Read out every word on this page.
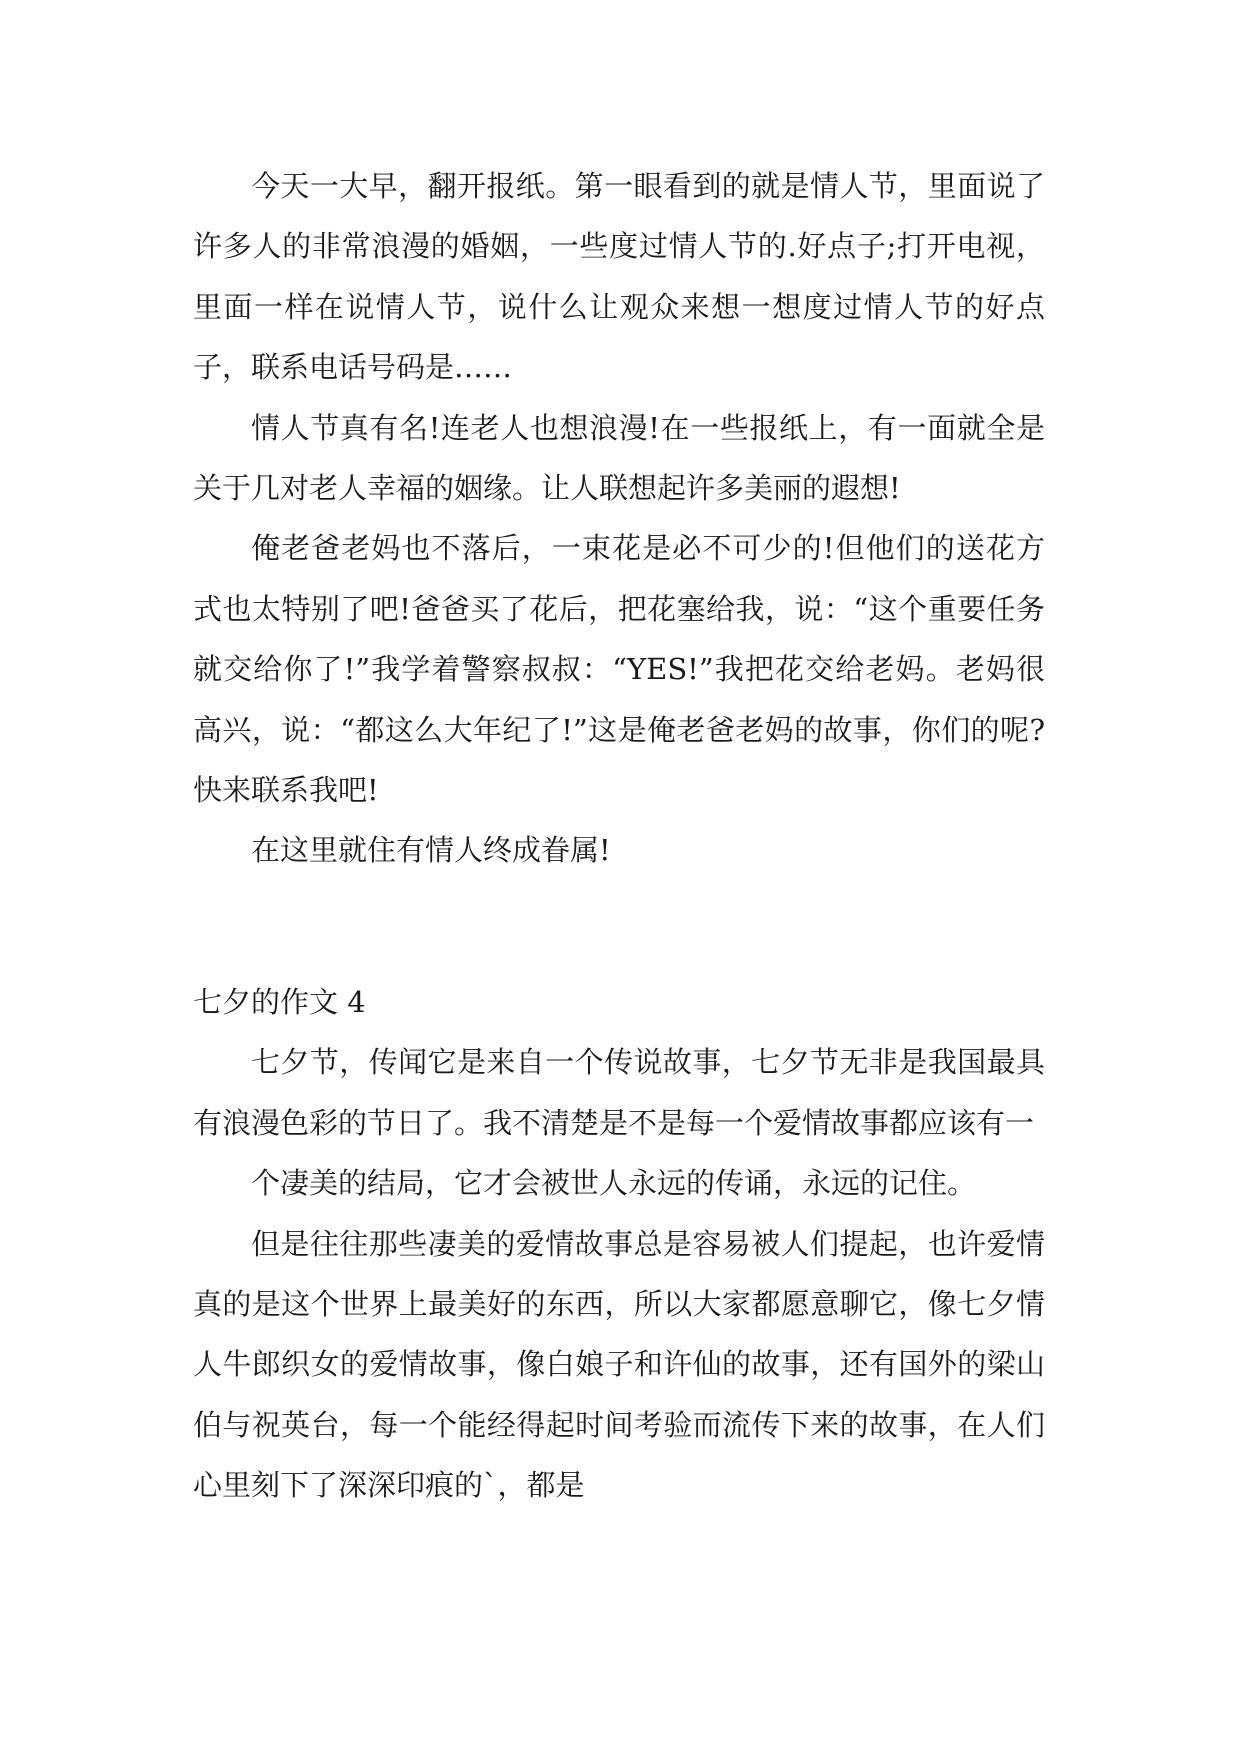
今天一大早，翻开报纸。第一眼看到的就是情人节，里面说了许多人的非常浪漫的婚姻，一些度过情人节的.好点子;打开电视，里面一样在说情人节，说什么让观众来想一想度过情人节的好点子，联系电话号码是……

情人节真有名!连老人也想浪漫!在一些报纸上，有一面就全是关于几对老人幸福的姻缘。让人联想起许多美丽的遐想!

俺老爸老妈也不落后，一束花是必不可少的!但他们的送花方式也太特别了吧!爸爸买了花后，把花塞给我，说：“这个重要任务就交给你了!”我学着警察叔叔：“YES!”我把花交给老妈。老妈很高兴，说：“都这么大年纪了!”这是俺老爸老妈的故事，你们的呢?快来联系我吧!

在这里就住有情人终成眷属!

七夕的作文 4

七夕节，传闻它是来自一个传说故事，七夕节无非是我国最具有浪漫色彩的节日了。我不清楚是不是每一个爱情故事都应该有一

个凄美的结局，它才会被世人永远的传诵，永远的记住。

但是往往那些凄美的爱情故事总是容易被人们提起，也许爱情真的是这个世界上最美好的东西，所以大家都愿意聊它，像七夕情人牛郎织女的爱情故事，像白娘子和许仙的故事，还有国外的梁山伯与祝英台，每一个能经得起时间考验而流传下来的故事，在人们心里刻下了深深印痕的`，都是
